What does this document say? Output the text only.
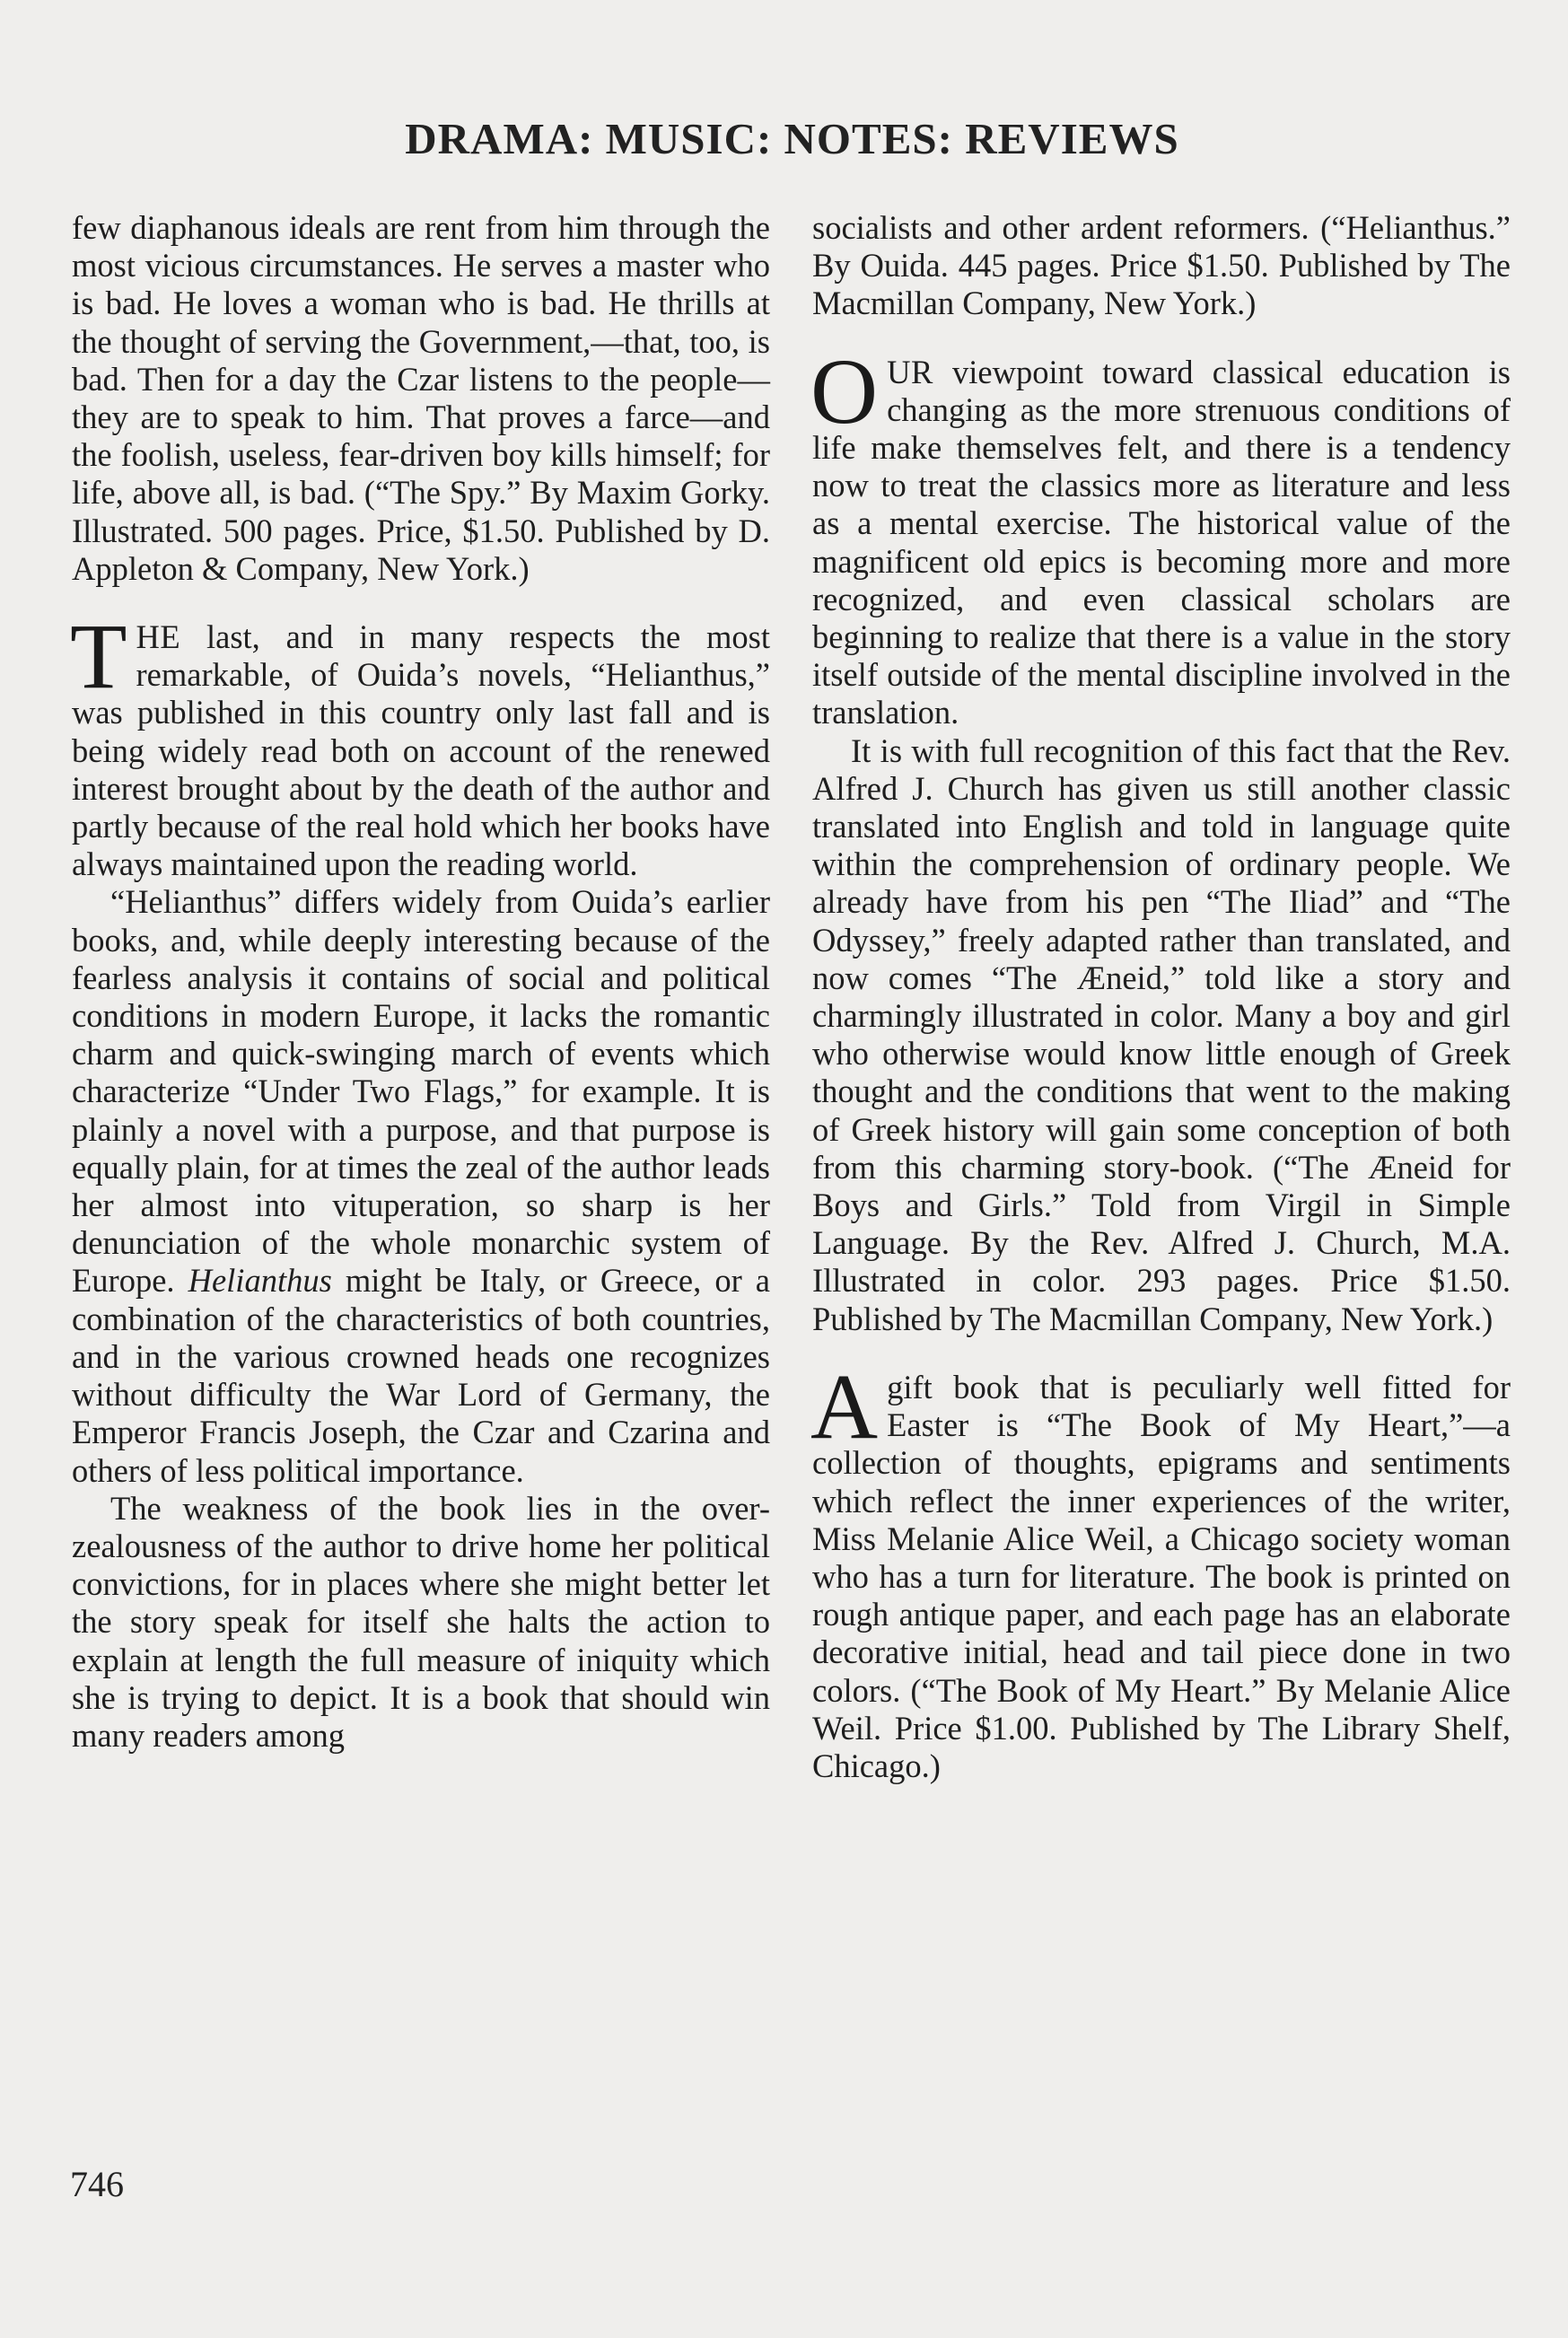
DRAMA: MUSIC: NOTES: REVIEWS

few diaphanous ideals are rent from him through the most vicious circumstances. He serves a master who is bad. He loves a woman who is bad. He thrills at the thought of serving the Government,—that, too, is bad. Then for a day the Czar listens to the people—they are to speak to him. That proves a farce—and the foolish, useless, fear-driven boy kills himself; for life, above all, is bad. (“The Spy.” By Maxim Gorky. Illustrated. 500 pages. Price, $1.50. Published by D. Appleton & Company, New York.)

THE last, and in many respects the most remarkable, of Ouida’s novels, “Helianthus,” was published in this country only last fall and is being widely read both on account of the renewed interest brought about by the death of the author and partly because of the real hold which her books have always maintained upon the reading world.

“Helianthus” differs widely from Ouida’s earlier books, and, while deeply interesting because of the fearless analysis it contains of social and political conditions in modern Europe, it lacks the romantic charm and quick-swinging march of events which characterize “Under Two Flags,” for example. It is plainly a novel with a purpose, and that purpose is equally plain, for at times the zeal of the author leads her almost into vituperation, so sharp is her denunciation of the whole monarchic system of Europe. Helianthus might be Italy, or Greece, or a combination of the characteristics of both countries, and in the various crowned heads one recognizes without difficulty the War Lord of Germany, the Emperor Francis Joseph, the Czar and Czarina and others of less political importance.

The weakness of the book lies in the over-zealousness of the author to drive home her political convictions, for in places where she might better let the story speak for itself she halts the action to explain at length the full measure of iniquity which she is trying to depict. It is a book that should win many readers among

socialists and other ardent reformers. (“Helianthus.” By Ouida. 445 pages. Price $1.50. Published by The Macmillan Company, New York.)

OUR viewpoint toward classical education is changing as the more strenuous conditions of life make themselves felt, and there is a tendency now to treat the classics more as literature and less as a mental exercise. The historical value of the magnificent old epics is becoming more and more recognized, and even classical scholars are beginning to realize that there is a value in the story itself outside of the mental discipline involved in the translation.

It is with full recognition of this fact that the Rev. Alfred J. Church has given us still another classic translated into English and told in language quite within the comprehension of ordinary people. We already have from his pen “The Iliad” and “The Odyssey,” freely adapted rather than translated, and now comes “The Æneid,” told like a story and charmingly illustrated in color. Many a boy and girl who otherwise would know little enough of Greek thought and the conditions that went to the making of Greek history will gain some conception of both from this charming story-book. (“The Æneid for Boys and Girls.” Told from Virgil in Simple Language. By the Rev. Alfred J. Church, M.A. Illustrated in color. 293 pages. Price $1.50. Published by The Macmillan Company, New York.)

A gift book that is peculiarly well fitted for Easter is “The Book of My Heart,”—a collection of thoughts, epigrams and sentiments which reflect the inner experiences of the writer, Miss Melanie Alice Weil, a Chicago society woman who has a turn for literature. The book is printed on rough antique paper, and each page has an elaborate decorative initial, head and tail piece done in two colors. (“The Book of My Heart.” By Melanie Alice Weil. Price $1.00. Published by The Library Shelf, Chicago.)

746
